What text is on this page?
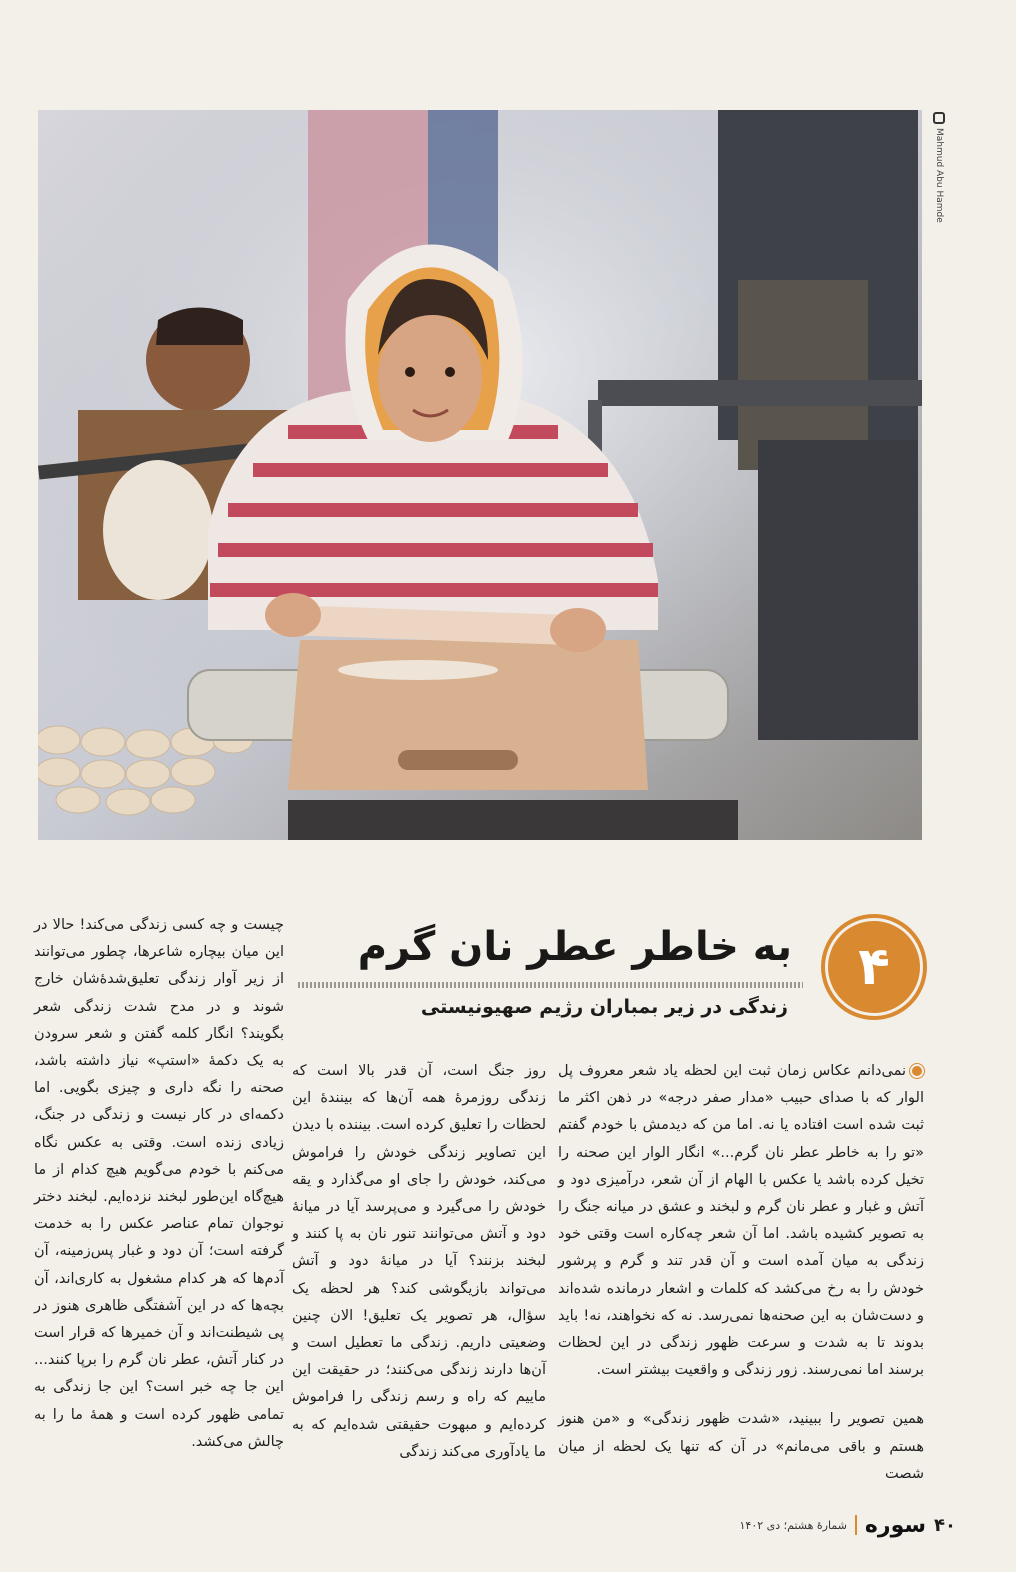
Mahmud Abu Hamde
۴
به خاطر عطر نان گرم
زندگی در زیر بمباران رژیم صهیونیستی

نمی‌دانم عکاس زمان ثبت این لحظه یاد شعر معروف پل الوار که با صدای حبیب «مدار صفر درجه» در ذهن اکثر ما ثبت شده است افتاده یا نه. اما من که دیدمش با خودم گفتم «تو را به خاطر عطر نان گرم...» انگار الوار این صحنه را تخیل کرده باشد یا عکس با الهام از آن شعر، درآمیزی دود و آتش و غبار و عطر نان گرم و لبخند و عشق در میانه جنگ را به تصویر کشیده باشد. اما آن شعر چه‌کاره است وقتی خود زندگی به میان آمده است و آن قدر تند و گرم و پرشور خودش را به رخ می‌کشد که کلمات و اشعار درمانده شده‌اند و دست‌شان به این صحنه‌ها نمی‌رسد. نه که نخواهند، نه! باید بدوند تا به شدت و سرعت ظهور زندگی در این لحظات برسند اما نمی‌رسند. زور زندگی و واقعیت بیشتر است.

همین تصویر را ببینید، «شدت ظهور زندگی» و «من هنوز هستم و باقی می‌مانم» در آن که تنها یک لحظه از میان شصت

روز جنگ است، آن قدر بالا است که زندگی روزمرهٔ همه آن‌ها که بینندهٔ این لحظات را تعلیق کرده است. بیننده با دیدن این تصاویر زندگی خودش را فراموش می‌کند، خودش را جای او می‌گذارد و یقه خودش را می‌گیرد و می‌پرسد آیا در میانهٔ دود و آتش می‌توانند تنور نان به پا کنند و لبخند بزنند؟ آیا در میانهٔ دود و آتش می‌تواند بازیگوشی کند؟ هر لحظه یک سؤال، هر تصویر یک تعلیق! الان چنین وضعیتی داریم. زندگی ما تعطیل است و آن‌ها دارند زندگی می‌کنند؛ در حقیقت این ماییم که راه و رسم زندگی را فراموش کرده‌ایم و مبهوت حقیقتی شده‌ایم که به ما یادآوری می‌کند زندگی

چیست و چه کسی زندگی می‌کند! حالا در این میان بیچاره شاعرها، چطور می‌توانند از زیر آوار زندگی تعلیق‌شدهٔ‌شان خارج شوند و در مدح شدت زندگی شعر بگویند؟ انگار کلمه گفتن و شعر سرودن به یک دکمهٔ «استپ» نیاز داشته باشد، صحنه را نگه داری و چیزی بگویی. اما دکمه‌ای در کار نیست و زندگی در جنگ، زیادی زنده است. وقتی به عکس نگاه می‌کنم با خودم می‌گویم هیچ کدام از ما هیچ‌گاه این‌طور لبخند نزده‌ایم. لبخند دختر نوجوان تمام عناصر عکس را به خدمت گرفته است؛ آن دود و غبار پس‌زمینه، آن آدم‌ها که هر کدام مشغول به کاری‌اند، آن بچه‌ها که در این آشفتگی ظاهری هنوز در پی شیطنت‌اند و آن خمیرها که قرار است در کنار آتش، عطر نان گرم را برپا کنند... این جا چه خبر است؟ این جا زندگی به تمامی ظهور کرده است و همهٔ ما را به چالش می‌کشد.

۴۰
سوره
شمارهٔ هشتم؛ دی ۱۴۰۲
